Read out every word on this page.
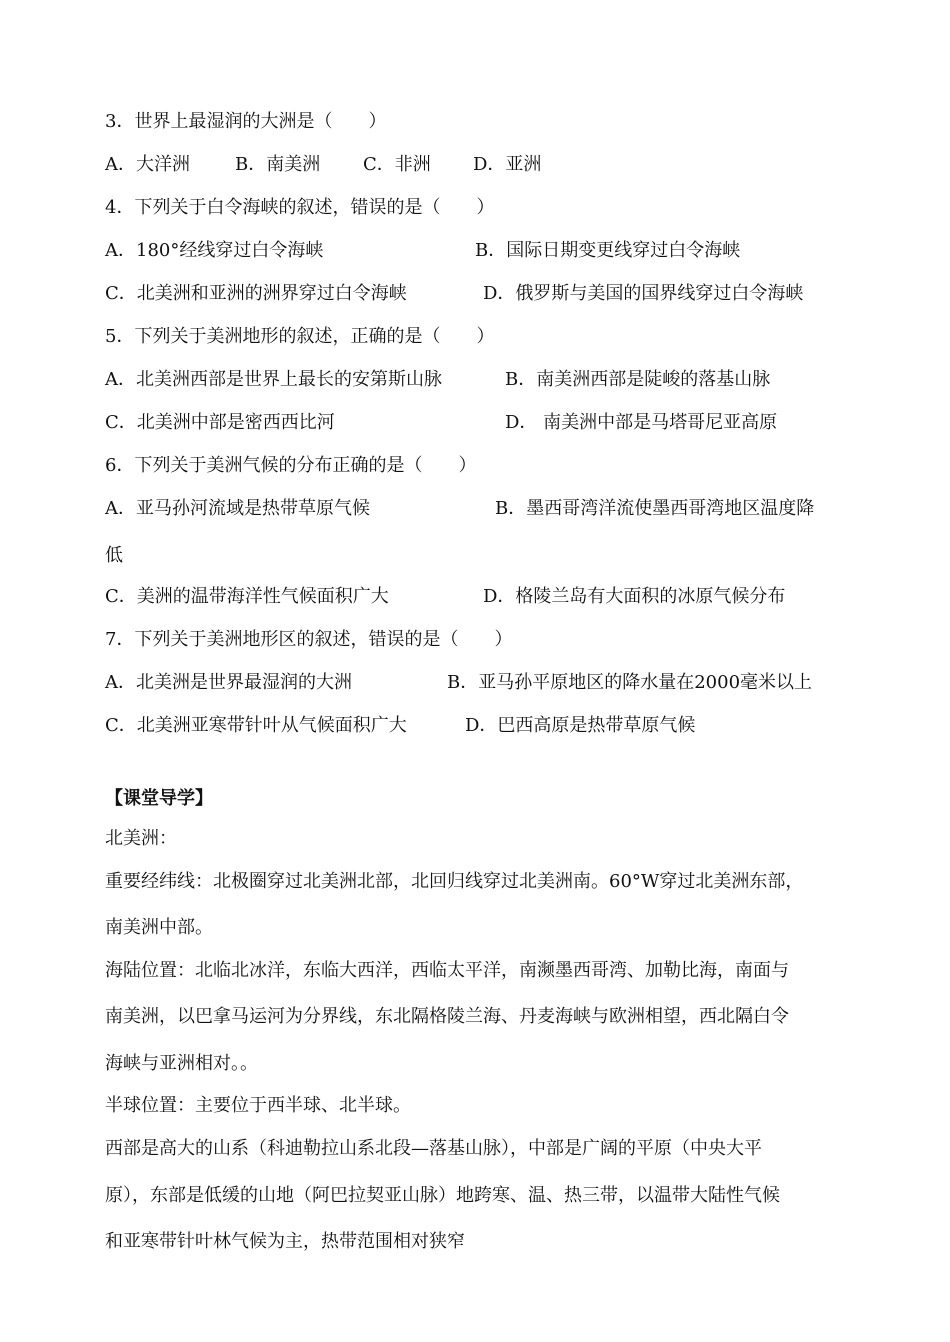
3．世界上最湿润的大洲是（　　）
A．大洋洲	B．南美洲 C．非洲 D．亚洲
4．下列关于白令海峡的叙述，错误的是（　　）
A．180°经线穿过白令海峡	B．国际日期变更线穿过白令海峡
C．北美洲和亚洲的洲界穿过白令海峡	D．俄罗斯与美国的国界线穿过白令海峡
5．下列关于美洲地形的叙述，正确的是（　　）
A．北美洲西部是世界上最长的安第斯山脉	B．南美洲西部是陡峻的落基山脉
C．北美洲中部是密西西比河	D． 南美洲中部是马塔哥尼亚高原
6．下列关于美洲气候的分布正确的是（　　）
A．亚马孙河流域是热带草原气候	B．墨西哥湾洋流使墨西哥湾地区温度降
低
C．美洲的温带海洋性气候面积广大	D．格陵兰岛有大面积的冰原气候分布
7．下列关于美洲地形区的叙述，错误的是（　　）
A．北美洲是世界最湿润的大洲	B．亚马孙平原地区的降水量在2000毫米以上
C．北美洲亚寒带针叶从气候面积广大	D．巴西高原是热带草原气候
【课堂导学】
北美洲：
重要经纬线：北极圈穿过北美洲北部，北回归线穿过北美洲南。60°W穿过北美洲东部，
南美洲中部。
海陆位置：北临北冰洋，东临大西洋，西临太平洋，南濒墨西哥湾、加勒比海，南面与
南美洲，以巴拿马运河为分界线，东北隔格陵兰海、丹麦海峡与欧洲相望，西北隔白令
海峡与亚洲相对。。
半球位置：主要位于西半球、北半球。
西部是高大的山系（科迪勒拉山系北段—落基山脉），中部是广阔的平原（中央大平
原），东部是低缓的山地（阿巴拉契亚山脉）地跨寒、温、热三带，以温带大陆性气候
和亚寒带针叶林气候为主，热带范围相对狭窄
